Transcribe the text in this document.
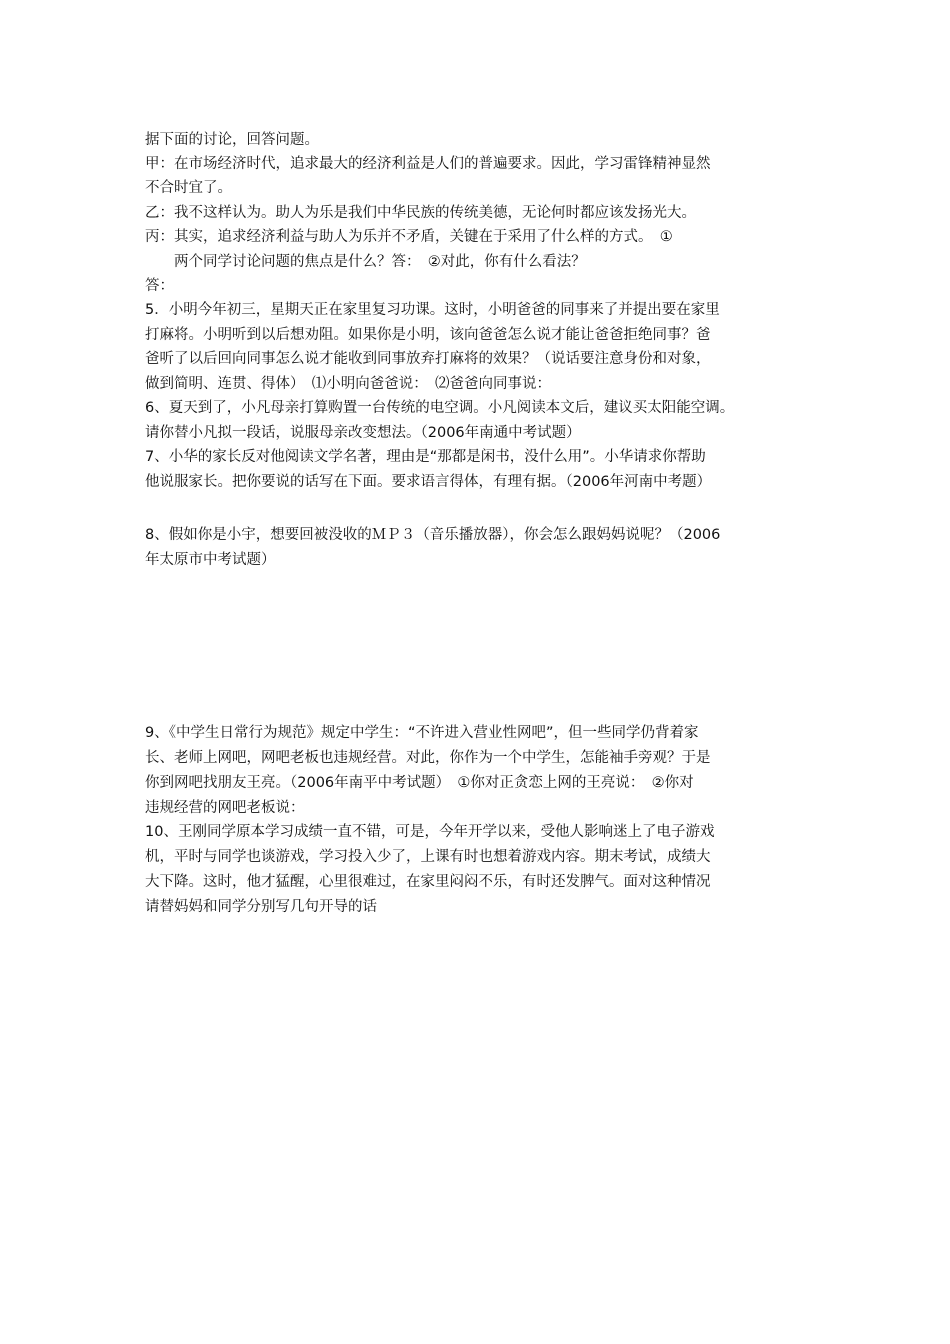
据下面的讨论，回答问题。
甲：在市场经济时代，追求最大的经济利益是人们的普遍要求。因此，学习雷锋精神显然
不合时宜了。
乙：我不这样认为。助人为乐是我们中华民族的传统美德，无论何时都应该发扬光大。
丙：其实，追求经济利益与助人为乐并不矛盾，关键在于采用了什么样的方式。　①
　　两个同学讨论问题的焦点是什么？答：　②对此，你有什么看法？
答：
5．小明今年初三，星期天正在家里复习功课。这时，小明爸爸的同事来了并提出要在家里
打麻将。小明听到以后想劝阻。如果你是小明，该向爸爸怎么说才能让爸爸拒绝同事？爸
爸听了以后回向同事怎么说才能收到同事放弃打麻将的效果？（说话要注意身份和对象，
做到简明、连贯、得体）　⑴小明向爸爸说：　⑵爸爸向同事说：
6、夏天到了，小凡母亲打算购置一台传统的电空调。小凡阅读本文后，建议买太阳能空调。
请你替小凡拟一段话，说服母亲改变想法。（2006年南通中考试题）
7、小华的家长反对他阅读文学名著，理由是“那都是闲书，没什么用”。小华请求你帮助
他说服家长。把你要说的话写在下面。要求语言得体，有理有据。（2006年河南中考题）
8、假如你是小宇，想要回被没收的ＭＰ３（音乐播放器），你会怎么跟妈妈说呢？（2006
年太原市中考试题）
9、《中学生日常行为规范》规定中学生：“不许进入营业性网吧”，但一些同学仍背着家
长、老师上网吧，网吧老板也违规经营。对此，你作为一个中学生，怎能袖手旁观？于是
你到网吧找朋友王亮。（2006年南平中考试题）　①你对正贪恋上网的王亮说：　②你对
违规经营的网吧老板说：
10、王刚同学原本学习成绩一直不错，可是，今年开学以来，受他人影响迷上了电子游戏
机，平时与同学也谈游戏，学习投入少了，上课有时也想着游戏内容。期末考试，成绩大
大下降。这时，他才猛醒，心里很难过，在家里闷闷不乐，有时还发脾气。面对这种情况
请替妈妈和同学分别写几句开导的话
